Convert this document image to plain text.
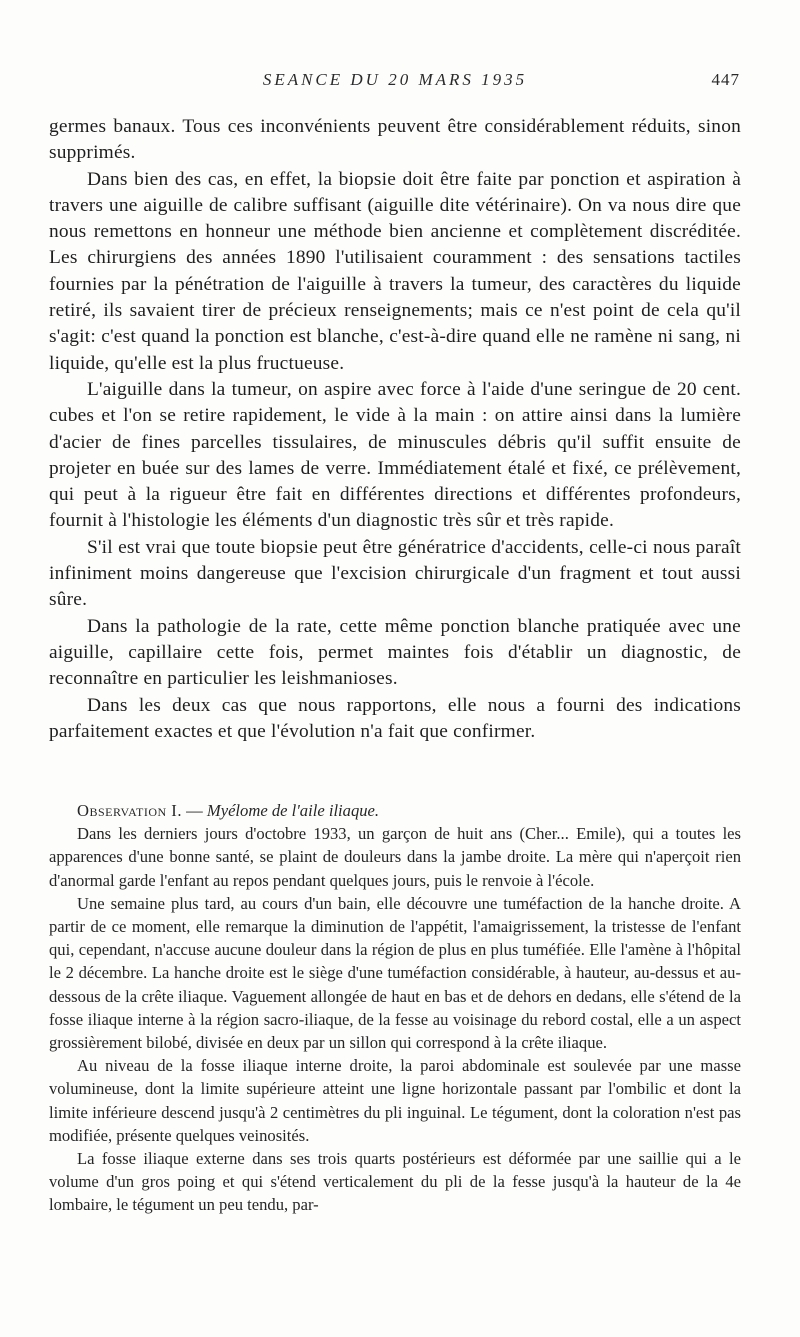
SEANCE DU 20 MARS 1935	447

germes banaux. Tous ces inconvénients peuvent être considérablement réduits, sinon supprimés.

Dans bien des cas, en effet, la biopsie doit être faite par ponction et aspiration à travers une aiguille de calibre suffisant (aiguille dite vétérinaire). On va nous dire que nous remettons en honneur une méthode bien ancienne et complètement discréditée. Les chirurgiens des années 1890 l'utilisaient couramment : des sensations tactiles fournies par la pénétration de l'aiguille à travers la tumeur, des caractères du liquide retiré, ils savaient tirer de précieux renseignements; mais ce n'est point de cela qu'il s'agit: c'est quand la ponction est blanche, c'est-à-dire quand elle ne ramène ni sang, ni liquide, qu'elle est la plus fructueuse.

L'aiguille dans la tumeur, on aspire avec force à l'aide d'une seringue de 20 cent. cubes et l'on se retire rapidement, le vide à la main : on attire ainsi dans la lumière d'acier de fines parcelles tissulaires, de minuscules débris qu'il suffit ensuite de projeter en buée sur des lames de verre. Immédiatement étalé et fixé, ce prélèvement, qui peut à la rigueur être fait en différentes directions et différentes profondeurs, fournit à l'histologie les éléments d'un diagnostic très sûr et très rapide.

S'il est vrai que toute biopsie peut être génératrice d'accidents, celle-ci nous paraît infiniment moins dangereuse que l'excision chirurgicale d'un fragment et tout aussi sûre.

Dans la pathologie de la rate, cette même ponction blanche pratiquée avec une aiguille, capillaire cette fois, permet maintes fois d'établir un diagnostic, de reconnaître en particulier les leishmanioses.

Dans les deux cas que nous rapportons, elle nous a fourni des indications parfaitement exactes et que l'évolution n'a fait que confirmer.

Observation I. — Myélome de l'aile iliaque.

Dans les derniers jours d'octobre 1933, un garçon de huit ans (Cher... Emile), qui a toutes les apparences d'une bonne santé, se plaint de douleurs dans la jambe droite. La mère qui n'aperçoit rien d'anormal garde l'enfant au repos pendant quelques jours, puis le renvoie à l'école.

Une semaine plus tard, au cours d'un bain, elle découvre une tuméfaction de la hanche droite. A partir de ce moment, elle remarque la diminution de l'appétit, l'amaigrissement, la tristesse de l'enfant qui, cependant, n'accuse aucune douleur dans la région de plus en plus tuméfiée. Elle l'amène à l'hôpital le 2 décembre. La hanche droite est le siège d'une tuméfaction considérable, à hauteur, au-dessus et au-dessous de la crête iliaque. Vaguement allongée de haut en bas et de dehors en dedans, elle s'étend de la fosse iliaque interne à la région sacro-iliaque, de la fesse au voisinage du rebord costal, elle a un aspect grossièrement bilobé, divisée en deux par un sillon qui correspond à la crête iliaque.

Au niveau de la fosse iliaque interne droite, la paroi abdominale est soulevée par une masse volumineuse, dont la limite supérieure atteint une ligne horizontale passant par l'ombilic et dont la limite inférieure descend jusqu'à 2 centimètres du pli inguinal. Le tégument, dont la coloration n'est pas modifiée, présente quelques veinosités.

La fosse iliaque externe dans ses trois quarts postérieurs est déformée par une saillie qui a le volume d'un gros poing et qui s'étend verticalement du pli de la fesse jusqu'à la hauteur de la 4e lombaire, le tégument un peu tendu, par-
